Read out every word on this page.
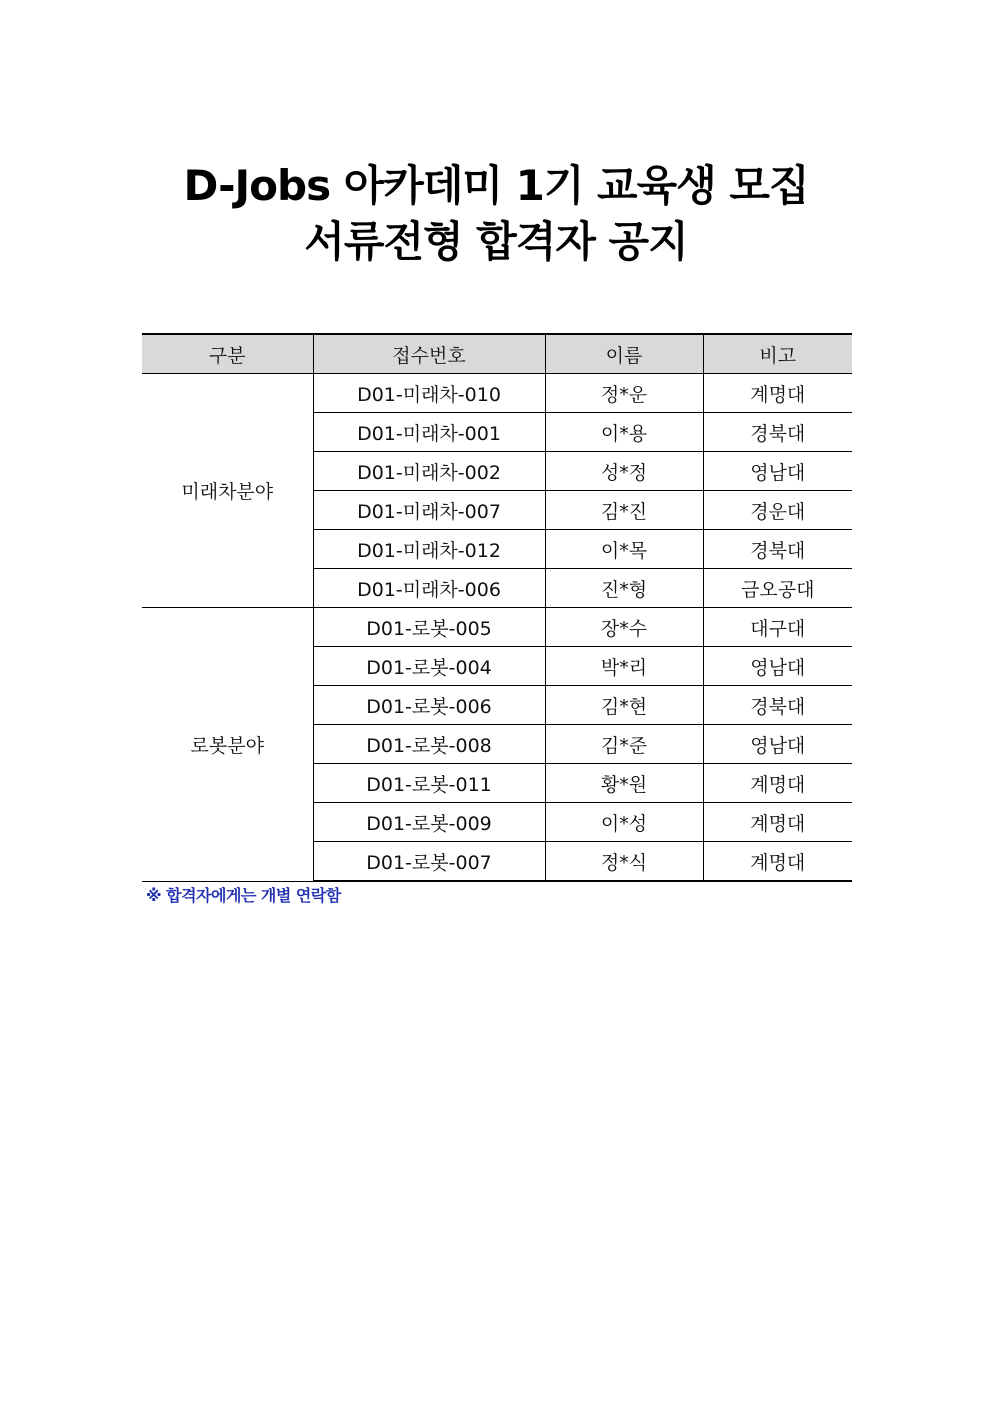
D-Jobs 아카데미 1기 교육생 모집
서류전형 합격자 공지
구분	접수번호	이름	비고
미래차분야	D01-미래차-010	정*운	계명대
	D01-미래차-001	이*용	경북대
	D01-미래차-002	성*정	영남대
	D01-미래차-007	김*진	경운대
	D01-미래차-012	이*목	경북대
	D01-미래차-006	진*형	금오공대
로봇분야	D01-로봇-005	장*수	대구대
	D01-로봇-004	박*리	영남대
	D01-로봇-006	김*현	경북대
	D01-로봇-008	김*준	영남대
	D01-로봇-011	황*원	계명대
	D01-로봇-009	이*성	계명대
	D01-로봇-007	정*식	계명대
※ 합격자에게는 개별 연락함
